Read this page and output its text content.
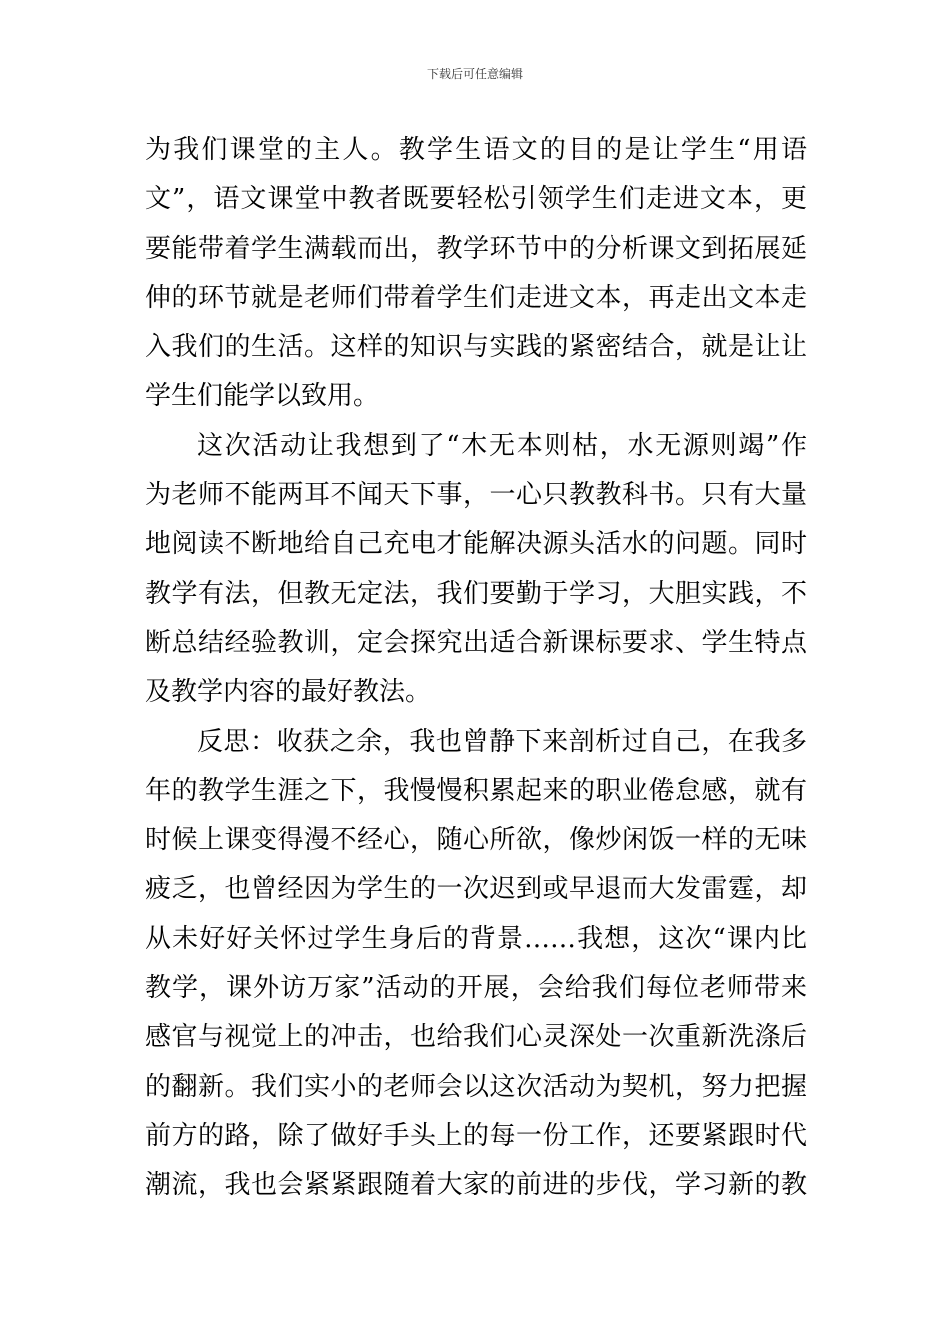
下载后可任意编辑
为我们课堂的主人。教学生语文的目的是让学生“用语
文”，语文课堂中教者既要轻松引领学生们走进文本，更
要能带着学生满载而出，教学环节中的分析课文到拓展延
伸的环节就是老师们带着学生们走进文本，再走出文本走
入我们的生活。这样的知识与实践的紧密结合，就是让让
学生们能学以致用。
这次活动让我想到了“木无本则枯，水无源则竭”作
为老师不能两耳不闻天下事，一心只教教科书。只有大量
地阅读不断地给自己充电才能解决源头活水的问题。同时
教学有法，但教无定法，我们要勤于学习，大胆实践，不
断总结经验教训，定会探究出适合新课标要求、学生特点
及教学内容的最好教法。
反思：收获之余，我也曾静下来剖析过自己，在我多
年的教学生涯之下，我慢慢积累起来的职业倦怠感，就有
时候上课变得漫不经心，随心所欲，像炒闲饭一样的无味
疲乏，也曾经因为学生的一次迟到或早退而大发雷霆，却
从未好好关怀过学生身后的背景……我想，这次“课内比
教学，课外访万家”活动的开展，会给我们每位老师带来
感官与视觉上的冲击，也给我们心灵深处一次重新洗涤后
的翻新。我们实小的老师会以这次活动为契机，努力把握
前方的路，除了做好手头上的每一份工作，还要紧跟时代
潮流，我也会紧紧跟随着大家的前进的步伐，学习新的教
